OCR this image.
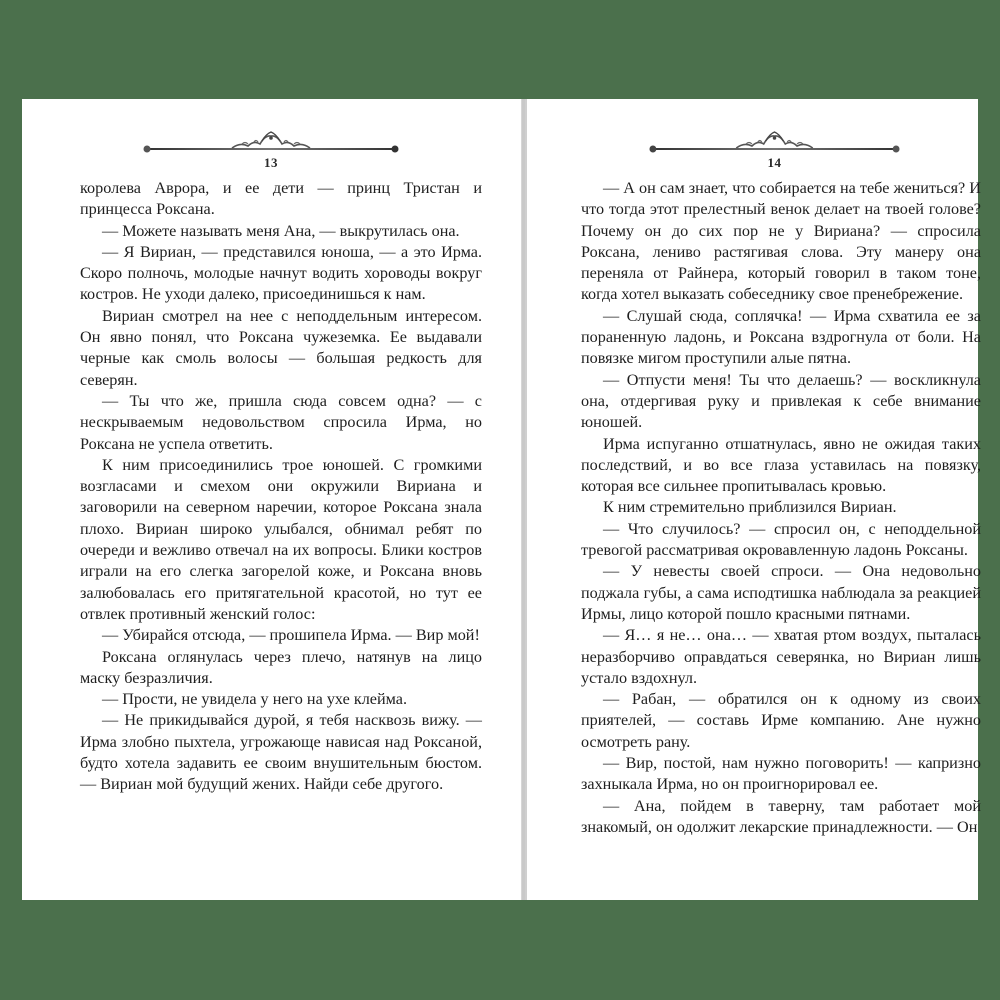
13

королева Аврора, и ее дети — принц Тристан и принцесса Роксана.

— Можете называть меня Ана, — выкрутилась она.

— Я Вириан, — представился юноша, — а это Ирма. Скоро полночь, молодые начнут водить хороводы вокруг костров. Не уходи далеко, присоединишься к нам.

Вириан смотрел на нее с неподдельным интересом. Он явно понял, что Роксана чужеземка. Ее выдавали черные как смоль волосы — большая редкость для северян.

— Ты что же, пришла сюда совсем одна? — с нескрываемым недовольством спросила Ирма, но Роксана не успела ответить.

К ним присоединились трое юношей. С громкими возгласами и смехом они окружили Вириана и заговорили на северном наречии, которое Роксана знала плохо. Вириан широко улыбался, обнимал ребят по очереди и вежливо отвечал на их вопросы. Блики костров играли на его слегка загорелой коже, и Роксана вновь залюбовалась его притягательной красотой, но тут ее отвлек противный женский голос:

— Убирайся отсюда, — прошипела Ирма. — Вир мой!

Роксана оглянулась через плечо, натянув на лицо маску безразличия.

— Прости, не увидела у него на ухе клейма.

— Не прикидывайся дурой, я тебя насквозь вижу. — Ирма злобно пыхтела, угрожающе нависая над Роксаной, будто хотела задавить ее своим внушительным бюстом. — Вириан мой будущий жених. Найди себе другого.

14

— А он сам знает, что собирается на тебе жениться? И что тогда этот прелестный венок делает на твоей голове? Почему он до сих пор не у Вириана? — спросила Роксана, лениво растягивая слова. Эту манеру она переняла от Райнера, который говорил в таком тоне, когда хотел выказать собеседнику свое пренебрежение.

— Слушай сюда, соплячка! — Ирма схватила ее за пораненную ладонь, и Роксана вздрогнула от боли. На повязке мигом проступили алые пятна.

— Отпусти меня! Ты что делаешь? — воскликнула она, отдергивая руку и привлекая к себе внимание юношей.

Ирма испуганно отшатнулась, явно не ожидая таких последствий, и во все глаза уставилась на повязку, которая все сильнее пропитывалась кровью.

К ним стремительно приблизился Вириан.

— Что случилось? — спросил он, с неподдельной тревогой рассматривая окровавленную ладонь Роксаны.

— У невесты своей спроси. — Она недовольно поджала губы, а сама исподтишка наблюдала за реакцией Ирмы, лицо которой пошло красными пятнами.

— Я… я не… она… — хватая ртом воздух, пыталась неразборчиво оправдаться северянка, но Вириан лишь устало вздохнул.

— Рабан, — обратился он к одному из своих приятелей, — составь Ирме компанию. Ане нужно осмотреть рану.

— Вир, постой, нам нужно поговорить! — капризно захныкала Ирма, но он проигнорировал ее.

— Ана, пойдем в таверну, там работает мой знакомый, он одолжит лекарские принадлежности. — Он
